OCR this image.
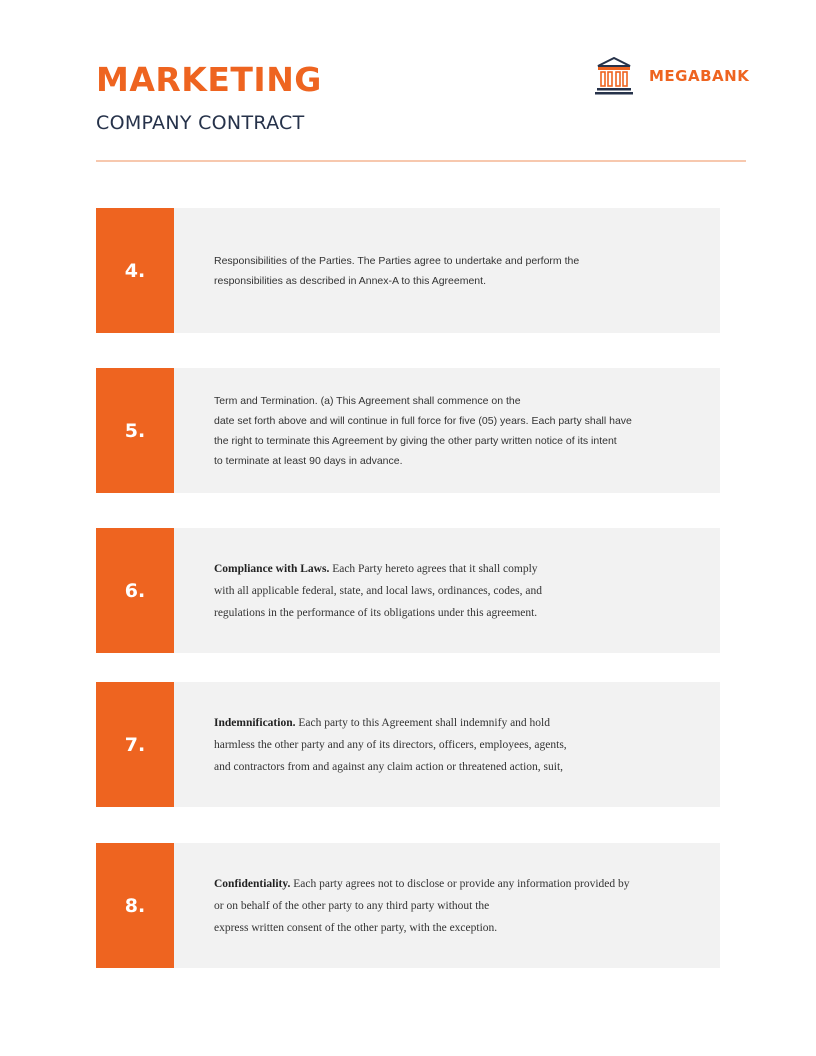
MARKETING
COMPANY CONTRACT
MEGABANK
4.	Responsibilities of the Parties. The Parties agree to undertake and perform the
responsibilities as described in Annex-A to this Agreement.
5.
Term and Termination. (a) This Agreement shall commence on the
date set forth above and will continue in full force for five (05) years. Each party shall have
the right to terminate this Agreement by giving the other party written notice of its intent
to terminate at least 90 days in advance.
6.
Compliance with Laws. Each Party hereto agrees that it shall comply
with all applicable federal, state, and local laws, ordinances, codes, and
regulations in the performance of its obligations under this agreement.
7.
Indemnification. Each party to this Agreement shall indemnify and hold
harmless the other party and any of its directors, officers, employees, agents,
and contractors from and against any claim action or threatened action, suit,
8.
Confidentiality. Each party agrees not to disclose or provide any information provided by
or on behalf of the other party to any third party without the
express written consent of the other party, with the exception.
